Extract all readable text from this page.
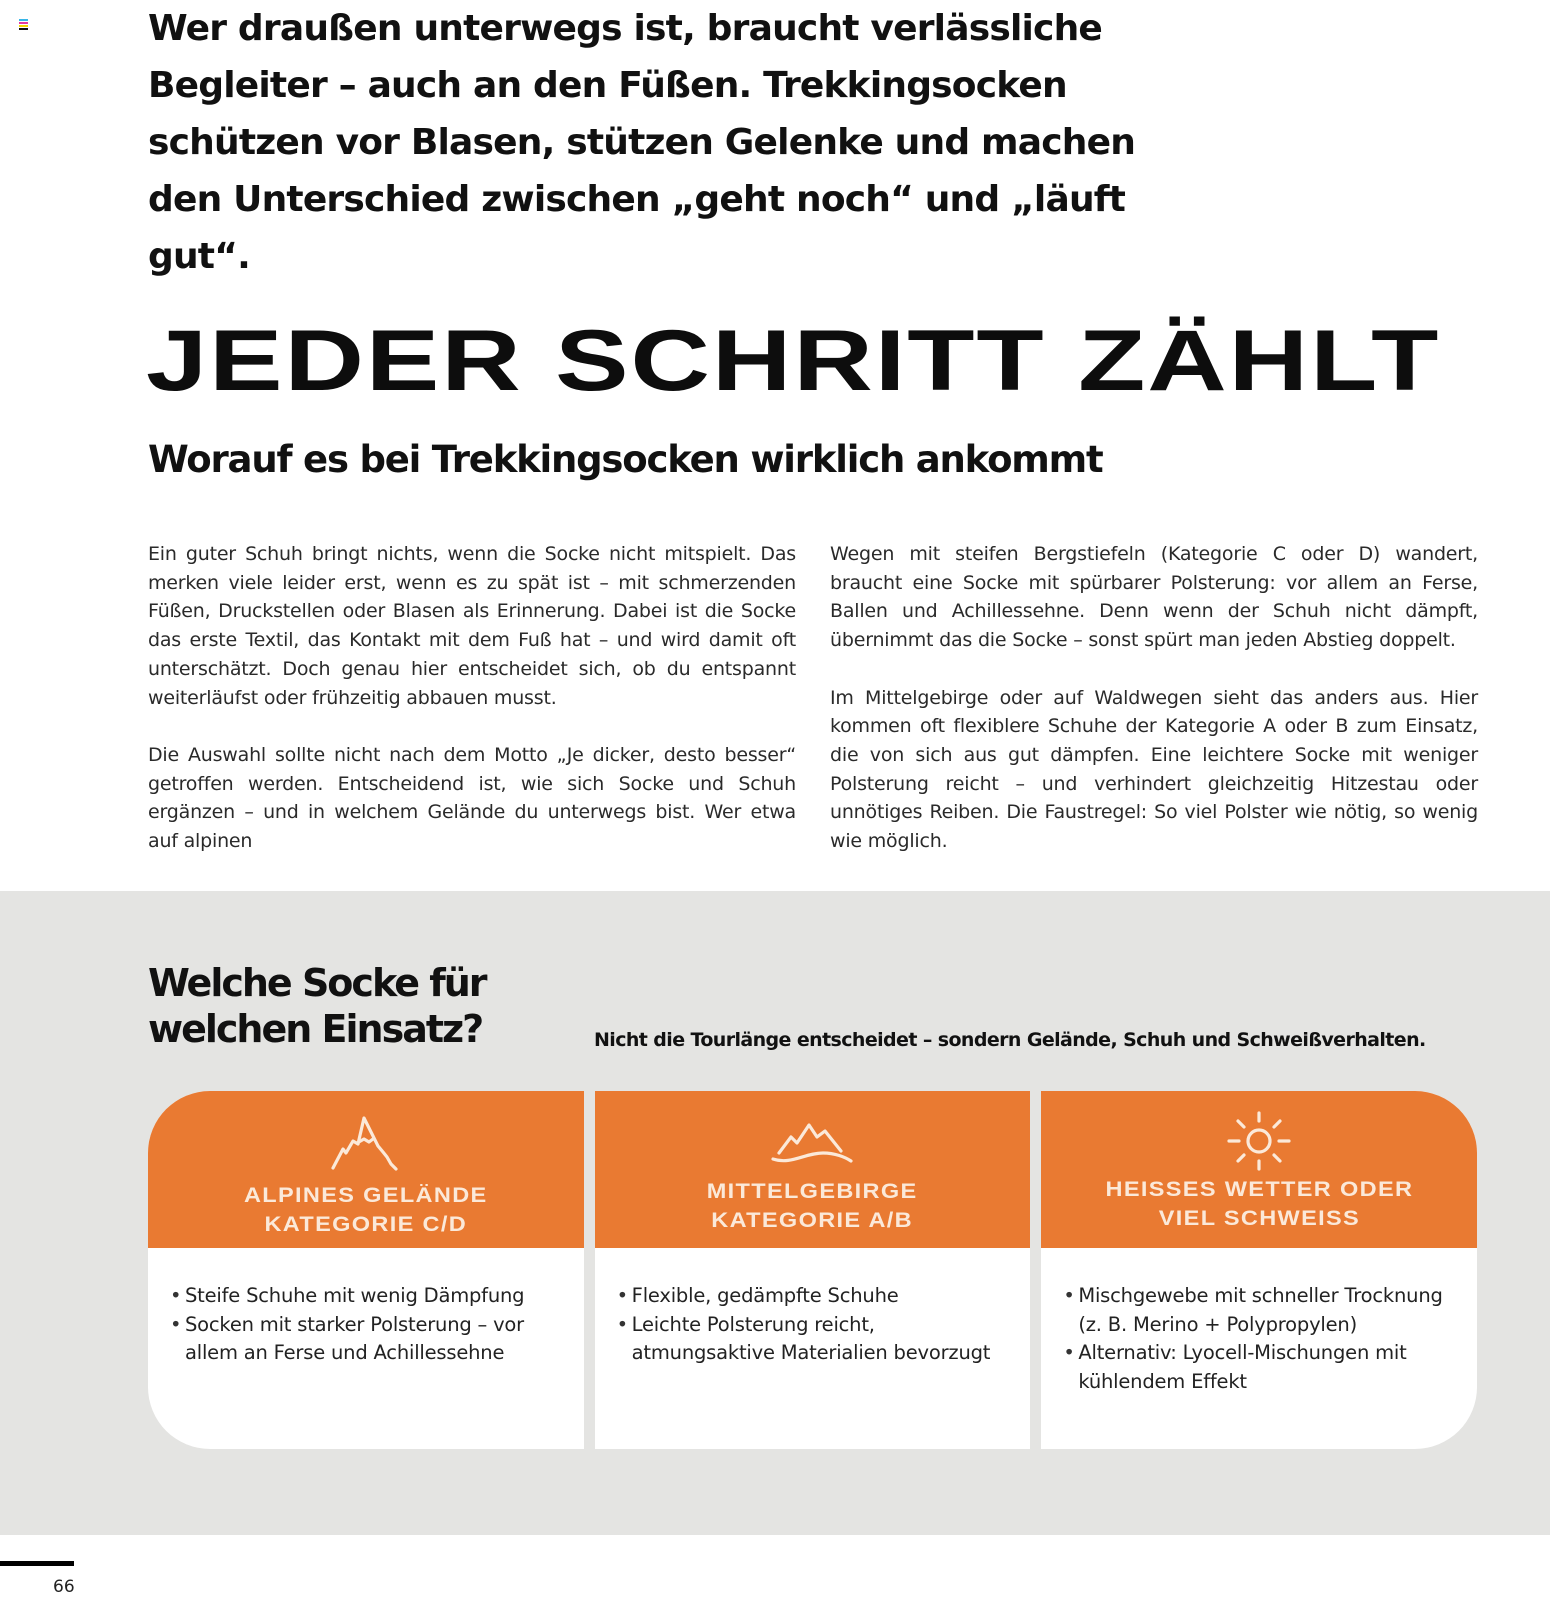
Wer draußen unterwegs ist, braucht verlässliche Begleiter – auch an den Füßen. Trekkingsocken schützen vor Blasen, stützen Gelenke und machen den Unterschied zwischen „geht noch“ und „läuft gut“.

JEDER SCHRITT ZÄHLT
Worauf es bei Trekkingsocken wirklich ankommt

Ein guter Schuh bringt nichts, wenn die Socke nicht mitspielt. Das merken viele leider erst, wenn es zu spät ist – mit schmerzenden Füßen, Druckstellen oder Blasen als Erinnerung. Dabei ist die Socke das erste Textil, das Kontakt mit dem Fuß hat – und wird damit oft unterschätzt. Doch genau hier entscheidet sich, ob du entspannt weiterläufst oder frühzeitig abbauen musst.

Die Auswahl sollte nicht nach dem Motto „Je dicker, desto besser“ getroffen werden. Entscheidend ist, wie sich Socke und Schuh ergänzen – und in welchem Gelände du unterwegs bist. Wer etwa auf alpinen

Wegen mit steifen Bergstiefeln (Kategorie C oder D) wandert, braucht eine Socke mit spürbarer Polsterung: vor allem an Ferse, Ballen und Achillessehne. Denn wenn der Schuh nicht dämpft, übernimmt das die Socke – sonst spürt man jeden Abstieg doppelt.

Im Mittelgebirge oder auf Waldwegen sieht das anders aus. Hier kommen oft flexiblere Schuhe der Kategorie A oder B zum Einsatz, die von sich aus gut dämpfen. Eine leichtere Socke mit weniger Polsterung reicht – und verhindert gleichzeitig Hitzestau oder unnötiges Reiben. Die Faustregel: So viel Polster wie nötig, so wenig wie möglich.

Welche Socke für
welchen Einsatz?	Nicht die Tourlänge entscheidet – sondern Gelände, Schuh und Schweißverhalten.

ALPINES GELÄNDE
KATEGORIE C/D
• Steife Schuhe mit wenig Dämpfung
• Socken mit starker Polsterung – vor allem an Ferse und Achillessehne
MITTELGEBIRGE
KATEGORIE A/B
• Flexible, gedämpfte Schuhe
• Leichte Polsterung reicht, atmungsaktive Materialien bevorzugt
HEISSES WETTER ODER
VIEL SCHWEISS
• Mischgewebe mit schneller Trocknung (z. B. Merino + Polypropylen)
• Alternativ: Lyocell-Mischungen mit kühlendem Effekt
66
